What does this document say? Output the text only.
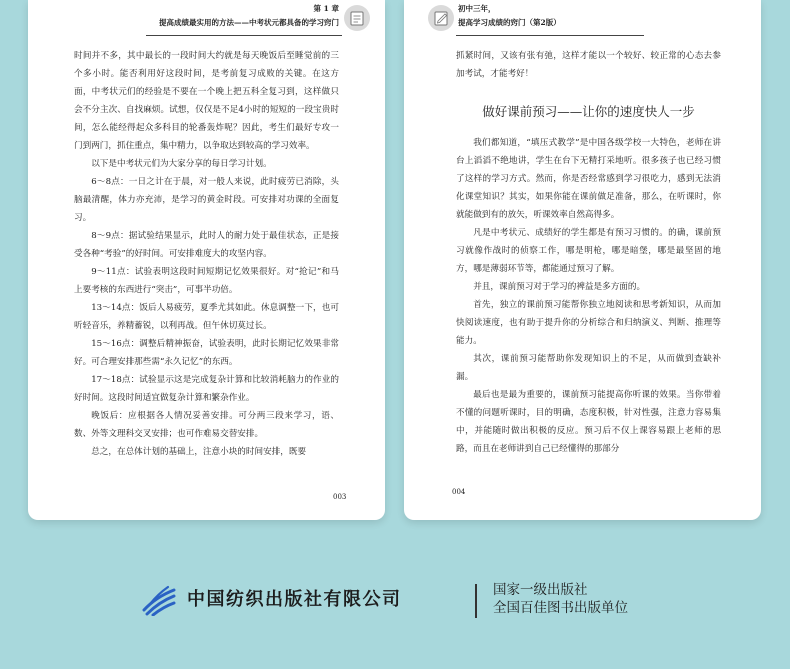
第 1 章
提高成绩最实用的方法——中考状元都具备的学习窍门

时间并不多，其中最长的一段时间大约就是每天晚饭后至睡觉前的三个多小时。能否利用好这段时间，是考前复习成败的关键。在这方面，中考状元们的经验是不要在一个晚上把五科全复习到，这样做只会不分主次、自找麻烦。试想，仅仅是不足4小时的短短的一段宝贵时间，怎么能经得起众多科目的轮番轰炸呢？因此，考生们最好专攻一门到两门，抓住重点，集中精力，以争取达到较高的学习效率。

以下是中考状元们为大家分享的每日学习计划。

6～8点：一日之计在于晨，对一般人来说，此时疲劳已消除，头脑最清醒，体力亦充沛，是学习的黄金时段。可安排对功课的全面复习。

8～9点：据试验结果显示，此时人的耐力处于最佳状态，正是接受各种“考验”的好时间。可安排难度大的攻坚内容。

9～11点：试验表明这段时间短期记忆效果很好。对“抢记”和马上要考核的东西进行“突击”，可事半功倍。

13～14点：饭后人易疲劳，夏季尤其如此。休息调整一下，也可听轻音乐，养精蓄锐，以利再战。但午休切莫过长。

15～16点：调整后精神振奋，试验表明，此时长期记忆效果非常好。可合理安排那些需“永久记忆”的东西。

17～18点：试验显示这是完成复杂计算和比较消耗脑力的作业的好时间。这段时间适宜做复杂计算和繁杂作业。

晚饭后：应根据各人情况妥善安排。可分两三段来学习，语、数、外等文理科交叉安排；也可作难易交替安排。

总之，在总体计划的基础上，注意小块的时间安排，既要

003
初中三年，
提高学习成绩的窍门（第2版）

抓紧时间，又该有张有弛，这样才能以一个较好、较正常的心态去参加考试，才能考好！

做好课前预习——让你的速度快人一步

我们都知道，“填压式教学”是中国各级学校一大特色，老师在讲台上滔滔不绝地讲，学生在台下无精打采地听。很多孩子也已经习惯了这样的学习方式。然而，你是否经常感到学习很吃力，感到无法消化课堂知识？其实，如果你能在课前做足准备，那么，在听课时，你就能做到有的放矢，听课效率自然高得多。

凡是中考状元、成绩好的学生都是有预习习惯的。的确，课前预习就像作战时的侦察工作，哪是明枪，哪是暗堡，哪是最坚固的地方，哪是薄弱环节等，都能通过预习了解。

并且，课前预习对于学习的裨益是多方面的。

首先，独立的课前预习能帮你独立地阅读和思考新知识，从而加快阅读速度，也有助于提升你的分析综合和归纳演义、判断、推理等能力。

其次，课前预习能帮助你发现知识上的不足，从而做到查缺补漏。

最后也是最为重要的，课前预习能提高你听课的效果。当你带着不懂的问题听课时，目的明确，态度积极，针对性强，注意力容易集中，并能随时做出积极的反应。预习后不仅上课容易跟上老师的思路，而且在老师讲到自己已经懂得的那部分

004
中国纺织出版社有限公司	国家一级出版社
全国百佳图书出版单位
